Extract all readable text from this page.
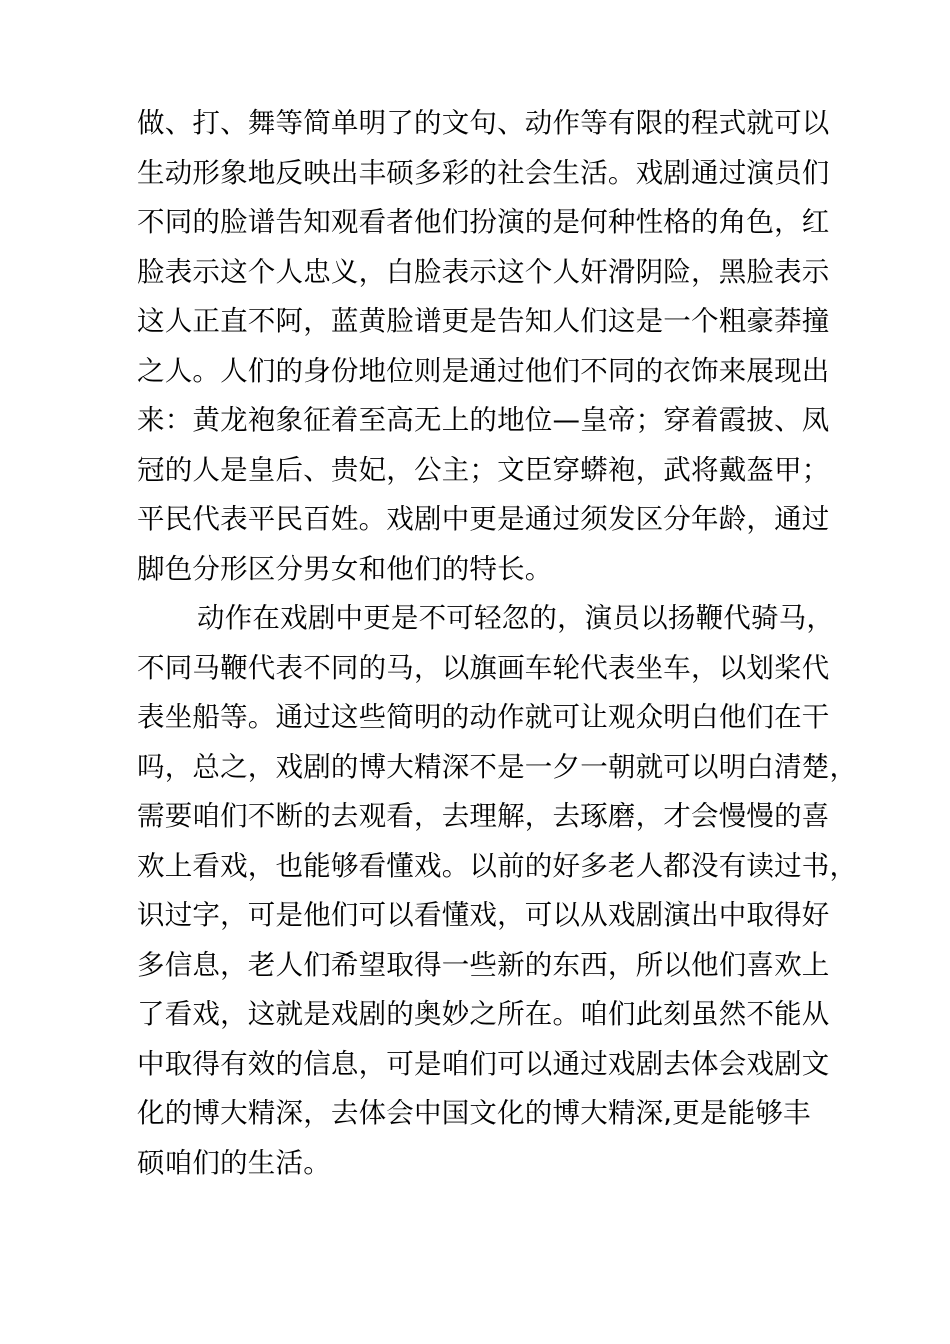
做、打、舞等简单明了的文句、动作等有限的程式就可以
生动形象地反映出丰硕多彩的社会生活。戏剧通过演员们
不同的脸谱告知观看者他们扮演的是何种性格的角色，红
脸表示这个人忠义，白脸表示这个人奸滑阴险，黑脸表示
这人正直不阿，蓝黄脸谱更是告知人们这是一个粗豪莽撞
之人。人们的身份地位则是通过他们不同的衣饰来展现出
来：黄龙袍象征着至高无上的地位—皇帝；穿着霞披、凤
冠的人是皇后、贵妃，公主；文臣穿蟒袍，武将戴盔甲；
平民代表平民百姓。戏剧中更是通过须发区分年龄，通过
脚色分形区分男女和他们的特长。
动作在戏剧中更是不可轻忽的，演员以扬鞭代骑马，
不同马鞭代表不同的马，以旗画车轮代表坐车，以划桨代
表坐船等。通过这些简明的动作就可让观众明白他们在干
吗，总之，戏剧的博大精深不是一夕一朝就可以明白清楚，
需要咱们不断的去观看，去理解，去琢磨，才会慢慢的喜
欢上看戏，也能够看懂戏。以前的好多老人都没有读过书，
识过字，可是他们可以看懂戏，可以从戏剧演出中取得好
多信息，老人们希望取得一些新的东西，所以他们喜欢上
了看戏，这就是戏剧的奥妙之所在。咱们此刻虽然不能从
中取得有效的信息，可是咱们可以通过戏剧去体会戏剧文
化的博大精深，去体会中国文化的博大精深,更是能够丰
硕咱们的生活。
